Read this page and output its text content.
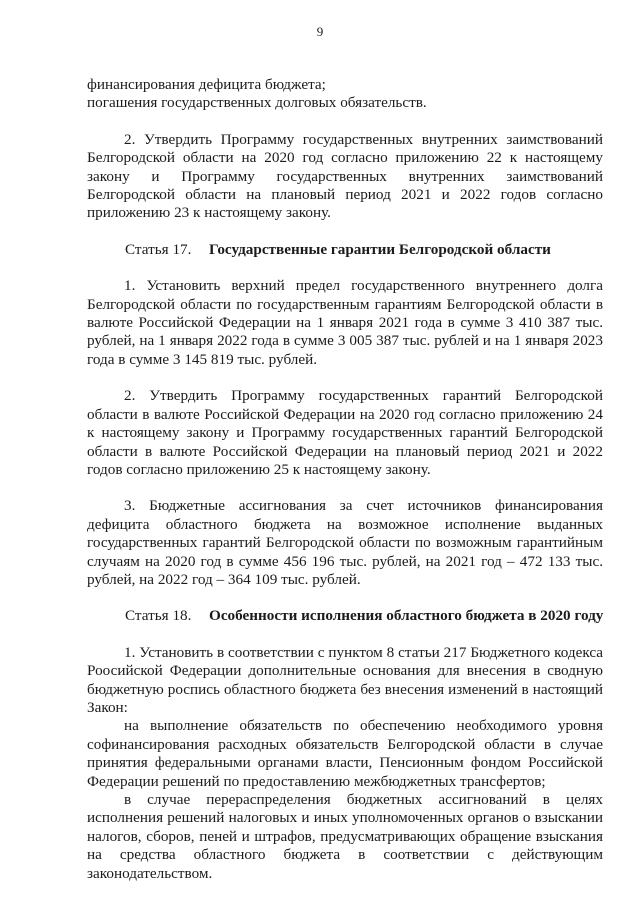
9
финансирования дефицита бюджета;
погашения государственных долговых обязательств.
2. Утвердить Программу государственных внутренних заимствований Белгородской области на 2020 год согласно приложению 22 к настоящему закону и Программу государственных внутренних заимствований Белгородской области на плановый период 2021 и 2022 годов согласно приложению 23 к настоящему закону.
Статья 17. Государственные гарантии Белгородской области
1. Установить верхний предел государственного внутреннего долга Белгородской области по государственным гарантиям Белгородской области в валюте Российской Федерации на 1 января 2021 года в сумме 3 410 387 тыс. рублей, на 1 января 2022 года в сумме 3 005 387 тыс. рублей и на 1 января 2023 года в сумме 3 145 819 тыс. рублей.
2. Утвердить Программу государственных гарантий Белгородской области в валюте Российской Федерации на 2020 год согласно приложению 24 к настоящему закону и Программу государственных гарантий Белгородской области в валюте Российской Федерации на плановый период 2021 и 2022 годов согласно приложению 25 к настоящему закону.
3. Бюджетные ассигнования за счет источников финансирования дефицита областного бюджета на возможное исполнение выданных государственных гарантий Белгородской области по возможным гарантийным случаям на 2020 год в сумме 456 196 тыс. рублей, на 2021 год – 472 133 тыс. рублей, на 2022 год – 364 109 тыс. рублей.
Статья 18. Особенности исполнения областного бюджета в 2020 году
1. Установить в соответствии с пунктом 8 статьи 217 Бюджетного кодекса Роосийской Федерации дополнительные основания для внесения в сводную бюджетную роспись областного бюджета без внесения изменений в настоящий Закон:
на выполнение обязательств по обеспечению необходимого уровня софинансирования расходных обязательств Белгородской области в случае принятия федеральными органами власти, Пенсионным фондом Российской Федерации решений по предоставлению межбюджетных трансфертов;
в случае перераспределения бюджетных ассигнований в целях исполнения решений налоговых и иных уполномоченных органов о взыскании налогов, сборов, пеней и штрафов, предусматривающих обращение взыскания на средства областного бюджета в соответствии с действующим законодательством.
